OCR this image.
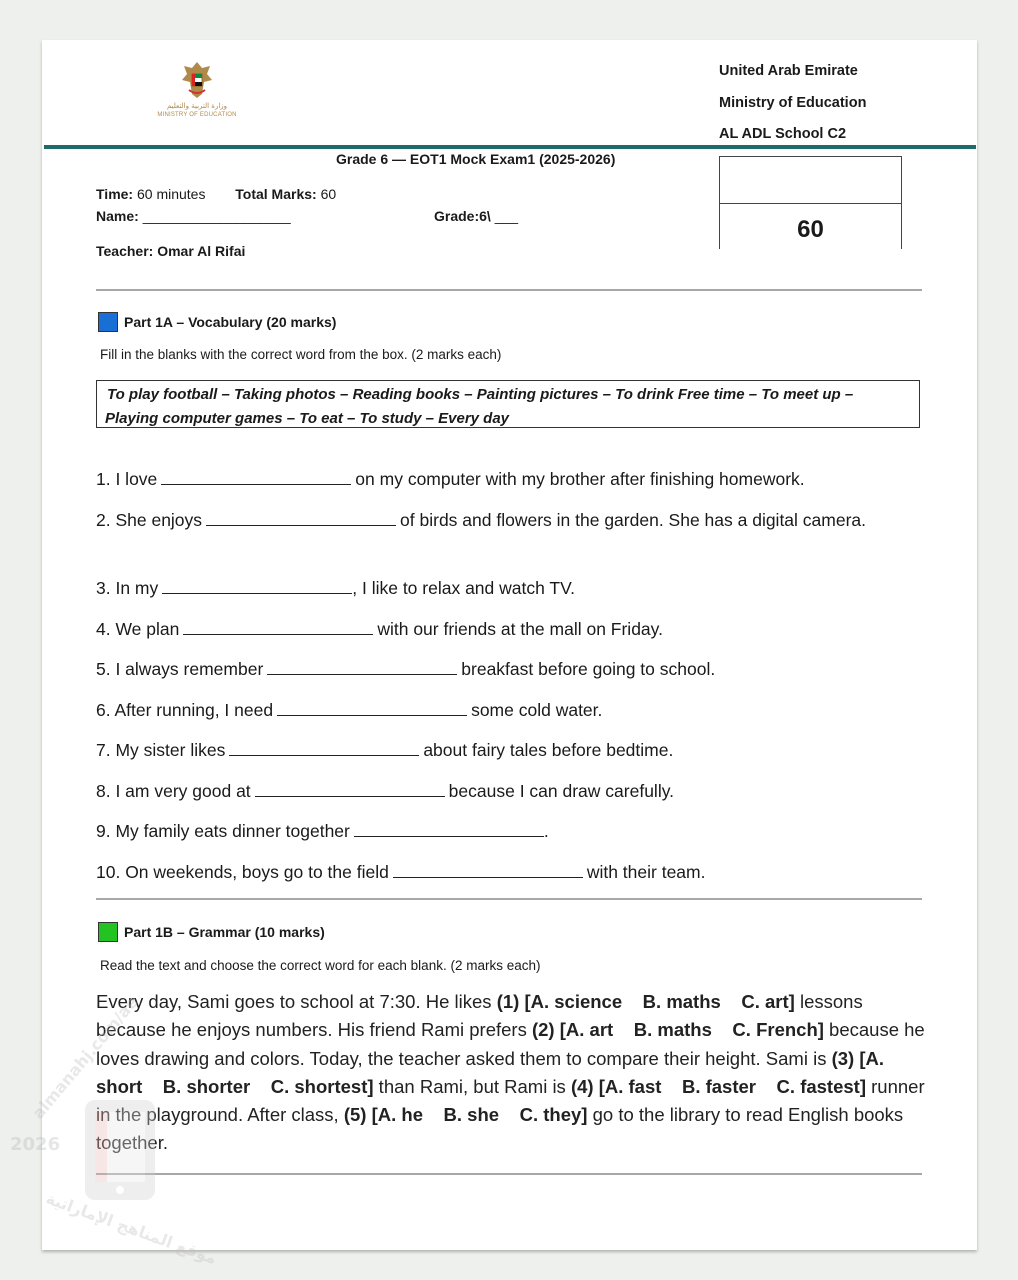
وزارة التربية والتعليم
MINISTRY OF EDUCATION
United Arab Emirate
Ministry of Education
AL ADL School C2
Grade 6 — EOT1 Mock Exam1 (2025-2026)
Time: 60 minutes Total Marks: 60
Name: ___________________	Grade:6\ ___
Teacher: Omar Al Rifai
60
Part 1A – Vocabulary (20 marks)
Fill in the blanks with the correct word from the box. (2 marks each)
To play football – Taking photos – Reading books – Painting pictures – To drink Free time – To meet up –
Playing computer games – To eat – To study – Every day
1. I love	on my computer with my brother after finishing homework.
2. She enjoys	of birds and flowers in the garden. She has a digital camera.
3. In my	, I like to relax and watch TV.
4. We plan	with our friends at the mall on Friday.
5. I always remember	breakfast before going to school.
6. After running, I need	some cold water.
7. My sister likes	about fairy tales before bedtime.
8. I am very good at	because I can draw carefully.
9. My family eats dinner together	.
10. On weekends, boys go to the field	with their team.
Part 1B – Grammar (10 marks)
Read the text and choose the correct word for each blank. (2 marks each)
Every day, Sami goes to school at 7:30. He likes (1) [A. science    B. maths    C. art] lessons because he enjoys numbers. His friend Rami prefers (2) [A. art    B. maths    C. French] because he loves drawing and colors. Today, the teacher asked them to compare their height. Sami is (3) [A. short    B. shorter    C. shortest] than Rami, but Rami is (4) [A. fast    B. faster    C. fastest] runner in the playground. After class, (5) [A. he    B. she    C. they] go to the library to read English books together.
2026
almanahj.com/ae
موقع المناهج الإماراتية
